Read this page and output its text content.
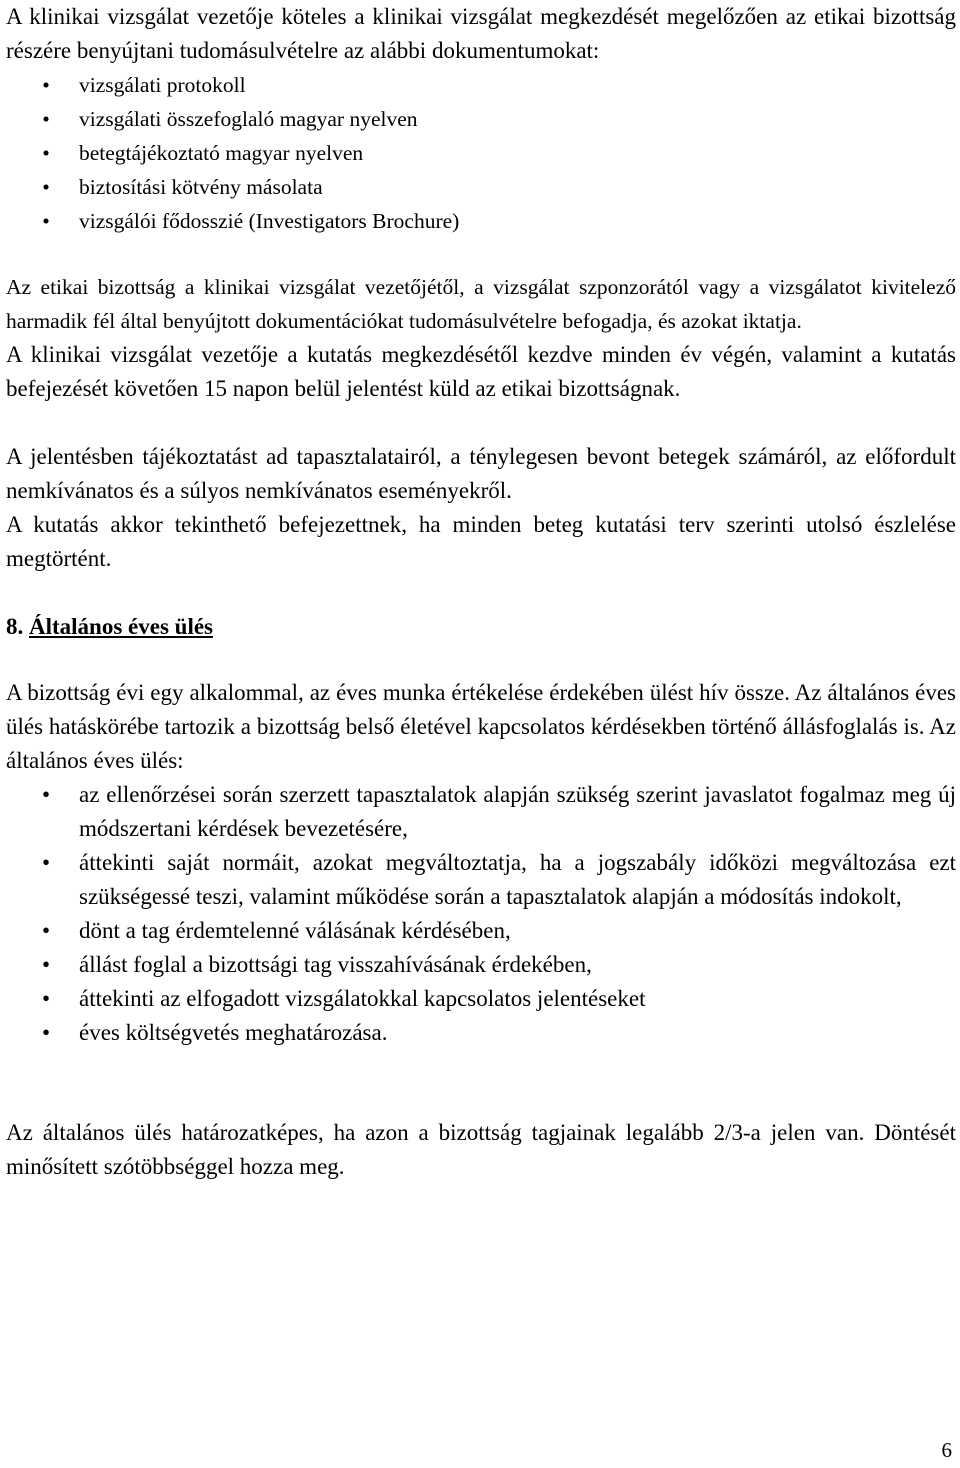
A klinikai vizsgálat vezetője köteles a klinikai vizsgálat megkezdését megelőzően az etikai bizottság részére benyújtani tudomásulvételre az alábbi dokumentumokat:

• vizsgálati protokoll
• vizsgálati összefoglaló magyar nyelven
• betegtájékoztató magyar nyelven
• biztosítási kötvény másolata
• vizsgálói fődosszié (Investigators Brochure)

Az etikai bizottság a klinikai vizsgálat vezetőjétől, a vizsgálat szponzorától vagy a vizsgálatot kivitelező harmadik fél által benyújtott dokumentációkat tudomásulvételre befogadja, és azokat iktatja.

A klinikai vizsgálat vezetője a kutatás megkezdésétől kezdve minden év végén, valamint a kutatás befejezését követően 15 napon belül jelentést küld az etikai bizottságnak.

A jelentésben tájékoztatást ad tapasztalatairól, a ténylegesen bevont betegek számáról, az előfordult nemkívánatos és a súlyos nemkívánatos eseményekről.

A kutatás akkor tekinthető befejezettnek, ha minden beteg kutatási terv szerinti utolsó észlelése megtörtént.

8. Általános éves ülés

A bizottság évi egy alkalommal, az éves munka értékelése érdekében ülést hív össze. Az általános éves ülés hatáskörébe tartozik a bizottság belső életével kapcsolatos kérdésekben történő állásfoglalás is. Az általános éves ülés:

• az ellenőrzései során szerzett tapasztalatok alapján szükség szerint javaslatot fogalmaz meg új módszertani kérdések bevezetésére,
• áttekinti saját normáit, azokat megváltoztatja, ha a jogszabály időközi megváltozása ezt szükségessé teszi, valamint működése során a tapasztalatok alapján a módosítás indokolt,
• dönt a tag érdemtelenné válásának kérdésében,
• állást foglal a bizottsági tag visszahívásának érdekében,
• áttekinti az elfogadott vizsgálatokkal kapcsolatos jelentéseket
• éves költségvetés meghatározása.

Az általános ülés határozatképes, ha azon a bizottság tagjainak legalább 2/3-a jelen van. Döntését minősített szótöbbséggel hozza meg.

6
